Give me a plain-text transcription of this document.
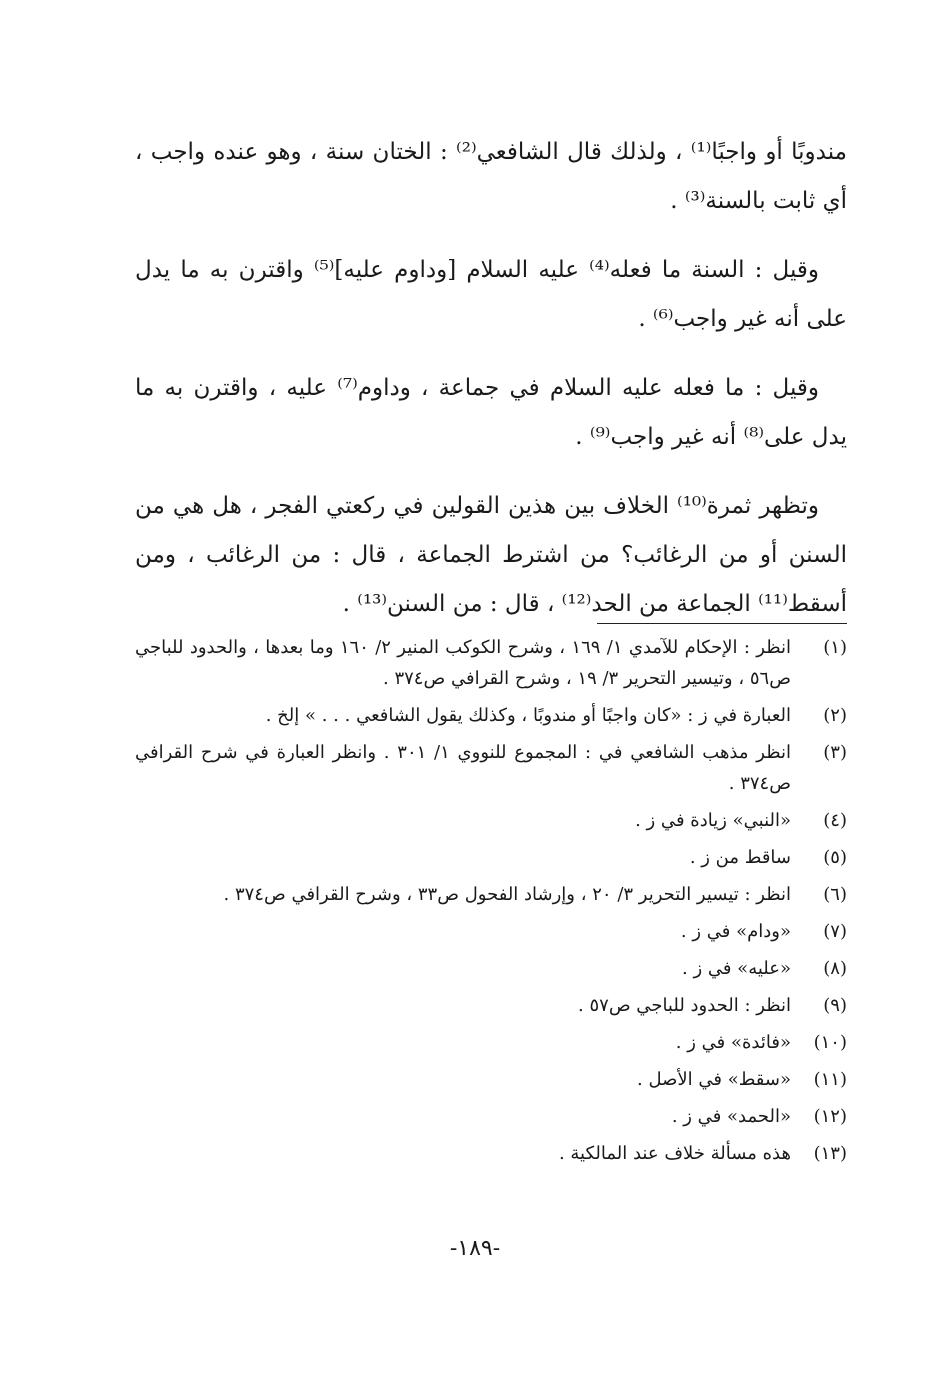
مندوبًا أو واجبًا⁽¹⁾ ، ولذلك قال الشافعي⁽²⁾ : الختان سنة ، وهو عنده واجب ، أي ثابت بالسنة⁽³⁾ .

وقيل : السنة ما فعله⁽⁴⁾ عليه السلام [وداوم عليه]⁽⁵⁾ واقترن به ما يدل على أنه غير واجب⁽⁶⁾ .

وقيل : ما فعله عليه السلام في جماعة ، وداوم⁽⁷⁾ عليه ، واقترن به ما يدل على⁽⁸⁾ أنه غير واجب⁽⁹⁾ .

وتظهر ثمرة⁽¹⁰⁾ الخلاف بين هذين القولين في ركعتي الفجر ، هل هي من السنن أو من الرغائب؟ من اشترط الجماعة ، قال : من الرغائب ، ومن أسقط⁽¹¹⁾ الجماعة من الحد⁽¹²⁾ ، قال : من السنن⁽¹³⁾ .

(١)
انظر : الإحكام للآمدي ١/ ١٦٩ ، وشرح الكوكب المنير ٢/ ١٦٠ وما بعدها ، والحدود للباجي ص٥٦ ، وتيسير التحرير ٣/ ١٩ ، وشرح القرافي ص٣٧٤ .
(٢)
العبارة في ز : «كان واجبًا أو مندوبًا ، وكذلك يقول الشافعي . . . » إلخ .
(٣)
انظر مذهب الشافعي في : المجموع للنووي ١/ ٣٠١ . وانظر العبارة في شرح القرافي ص٣٧٤ .
(٤)
«النبي» زيادة في ز .
(٥)
ساقط من ز .
(٦)
انظر : تيسير التحرير ٣/ ٢٠ ، وإرشاد الفحول ص٣٣ ، وشرح القرافي ص٣٧٤ .
(٧)
«ودام» في ز .
(٨)
«عليه» في ز .
(٩)
انظر : الحدود للباجي ص٥٧ .
(١٠)
«فائدة» في ز .
(١١)
«سقط» في الأصل .
(١٢)
«الحمد» في ز .
(١٣)
هذه مسألة خلاف عند المالكية .
-١٨٩-
